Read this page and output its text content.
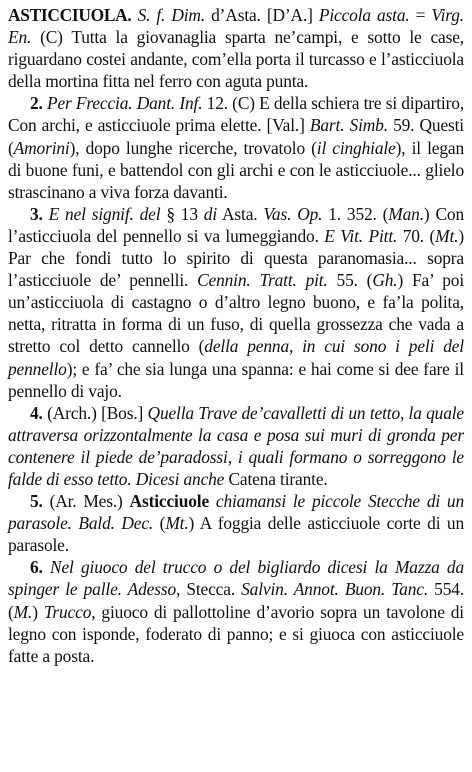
ASTICCIUOLA. S. f. Dim. d’Asta. [D’A.] Piccola asta. = Virg. En. (C) Tutta la giovanaglia sparta ne’campi, e sotto le case, riguardano costei andante, com’ella porta il turcasso e l’asticciuola della mortina fitta nel ferro con aguta punta.

2. Per Freccia. Dant. Inf. 12. (C) E della schiera tre si dipartiro, Con archi, e asticciuole prima elette. [Val.] Bart. Simb. 59. Questi (Amorini), dopo lunghe ricerche, trovatolo (il cinghiale), il legan di buone funi, e battendol con gli archi e con le asticciuole... glielo strascinano a viva forza davanti.

3. E nel signif. del § 13 di Asta. Vas. Op. 1. 352. (Man.) Con l’asticciuola del pennello si va lumeggiando. E Vit. Pitt. 70. (Mt.) Par che fondi tutto lo spirito di questa paranomasia... sopra l’asticciuole de’ pennelli. Cennin. Tratt. pit. 55. (Gh.) Fa’ poi un’asticciuola di castagno o d’altro legno buono, e fa’la polita, netta, ritratta in forma di un fuso, di quella grossezza che vada a stretto col detto cannello (della penna, in cui sono i peli del pennello); e fa’ che sia lunga una spanna: e hai come si dee fare il pennello di vajo.

4. (Arch.) [Bos.] Quella Trave de’cavalletti di un tetto, la quale attraversa orizzontalmente la casa e posa sui muri di gronda per contenere il piede de’paradossi, i quali formano o sorreggono le falde di esso tetto. Dicesi anche Catena tirante.

5. (Ar. Mes.) Asticciuole chiamansi le piccole Stecche di un parasole. Bald. Dec. (Mt.) A foggia delle asticciuole corte di un parasole.

6. Nel giuoco del trucco o del bigliardo dicesi la Mazza da spinger le palle. Adesso, Stecca. Salvin. Annot. Buon. Tanc. 554. (M.) Trucco, giuoco di pallottoline d’avorio sopra un tavolone di legno con isponde, foderato di panno; e si giuoca con asticciuole fatte a posta.
